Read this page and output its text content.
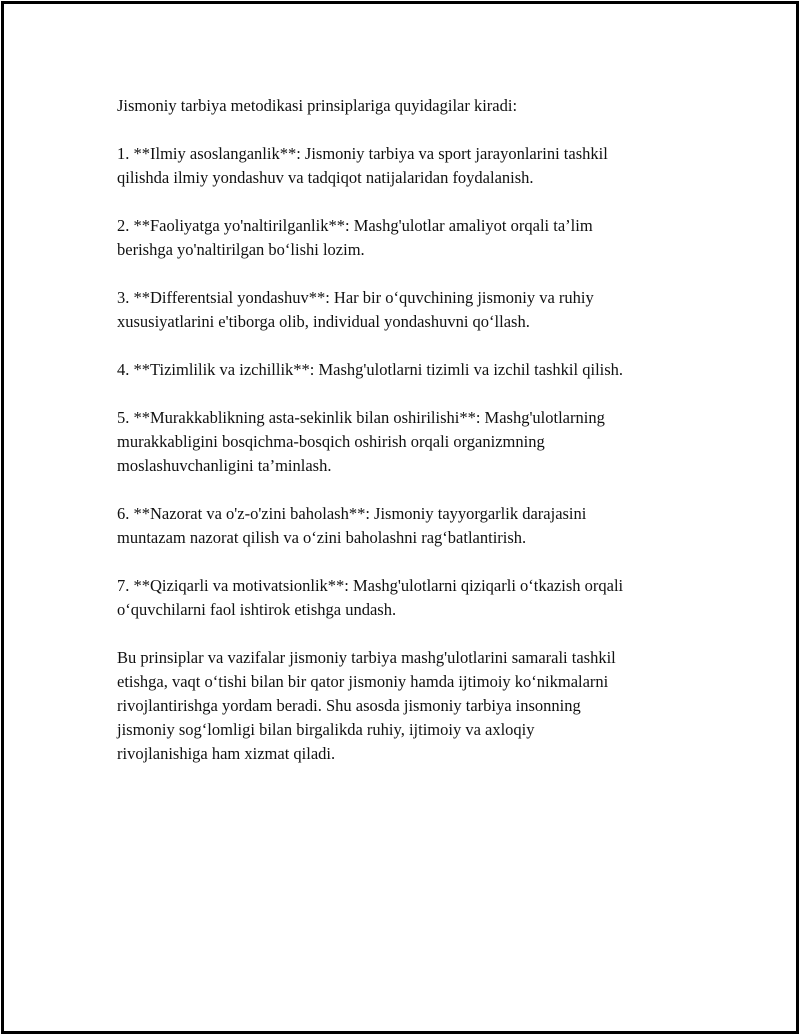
Jismoniy tarbiya metodikasi prinsiplariga quyidagilar kiradi:

1. **Ilmiy asoslanganlik**: Jismoniy tarbiya va sport jarayonlarini tashkil
qilishda ilmiy yondashuv va tadqiqot natijalaridan foydalanish.

2. **Faoliyatga yo'naltirilganlik**: Mashg'ulotlar amaliyot orqali ta’lim
berishga yo'naltirilgan bo‘lishi lozim.

3. **Differentsial yondashuv**: Har bir o‘quvchining jismoniy va ruhiy
xususiyatlarini e'tiborga olib, individual yondashuvni qo‘llash.

4. **Tizimlilik va izchillik**: Mashg'ulotlarni tizimli va izchil tashkil qilish.

5. **Murakkablikning asta-sekinlik bilan oshirilishi**: Mashg'ulotlarning
murakkabligini bosqichma-bosqich oshirish orqali organizmning
moslashuvchanligini ta’minlash.

6. **Nazorat va o'z-o'zini baholash**: Jismoniy tayyorgarlik darajasini
muntazam nazorat qilish va o‘zini baholashni rag‘batlantirish.

7. **Qiziqarli va motivatsionlik**: Mashg'ulotlarni qiziqarli o‘tkazish orqali
o‘quvchilarni faol ishtirok etishga undash.

Bu prinsiplar va vazifalar jismoniy tarbiya mashg'ulotlarini samarali tashkil
etishga, vaqt o‘tishi bilan bir qator jismoniy hamda ijtimoiy ko‘nikmalarni
rivojlantirishga yordam beradi. Shu asosda jismoniy tarbiya insonning
jismoniy sog‘lomligi bilan birgalikda ruhiy, ijtimoiy va axloqiy
rivojlanishiga ham xizmat qiladi.
